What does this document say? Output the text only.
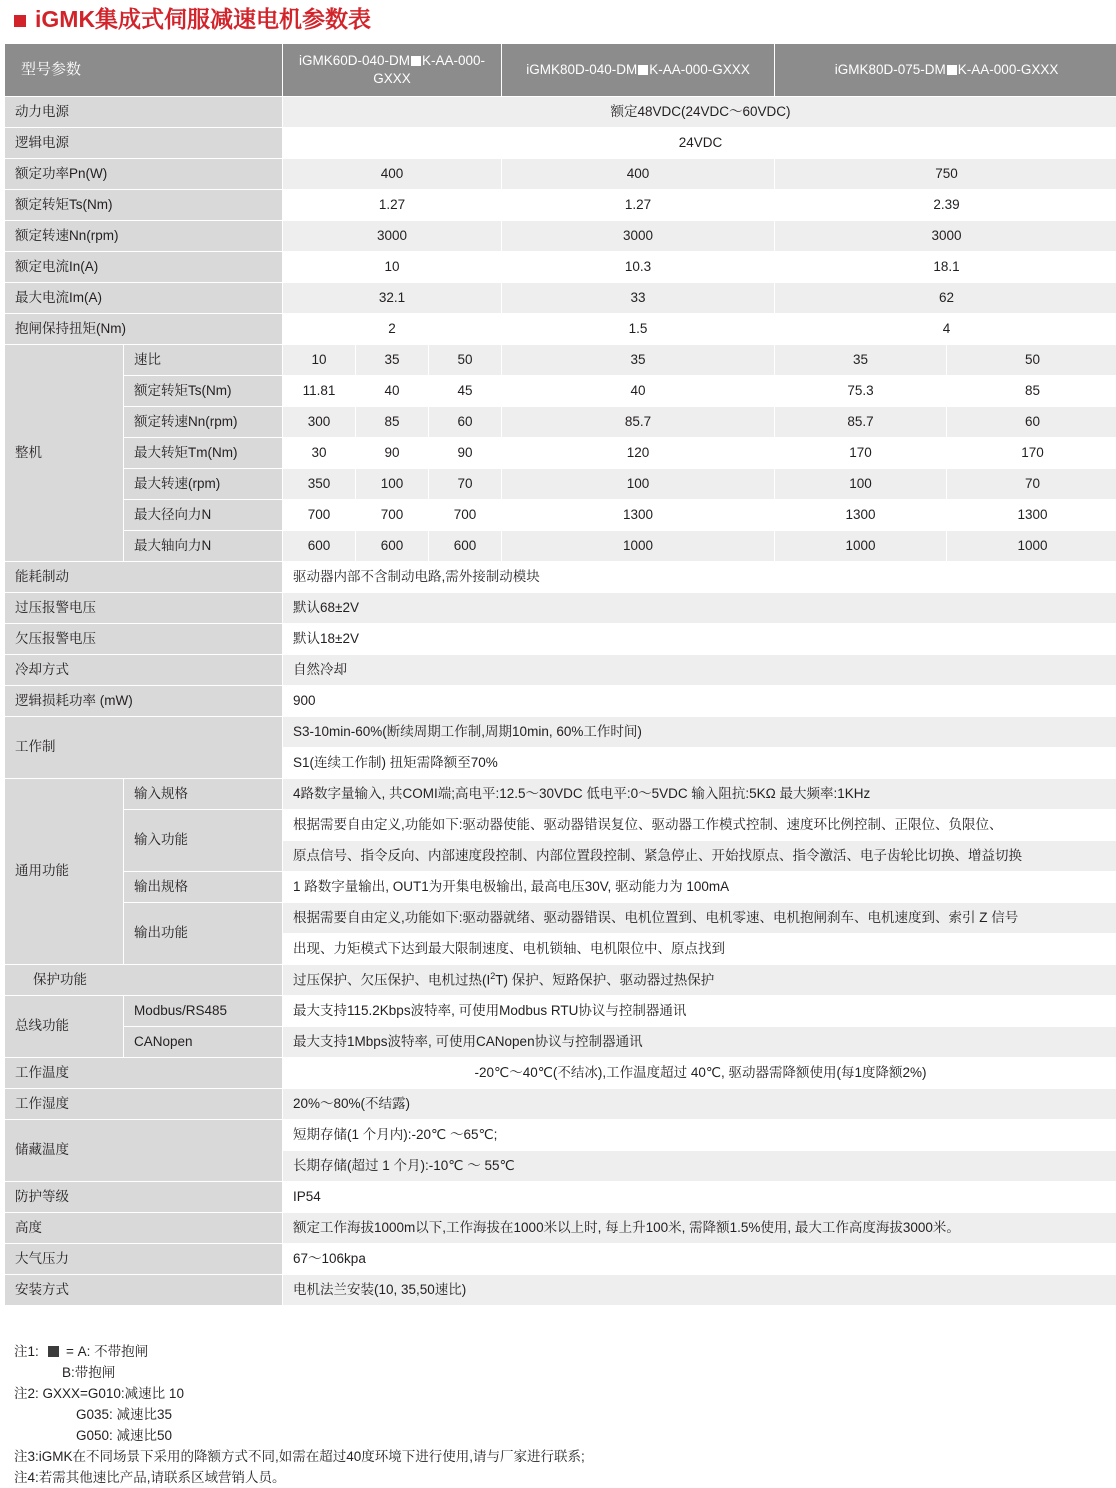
iGMK集成式伺服减速电机参数表
型号参数		iGMK60D-040-DM K-AA-000-GXXX			iGMK80D-040-DM K-AA-000-GXXX	iGMK80D-075-DM K-AA-000-GXXX	
动力电源		额定48VDC(24VDC～60VDC)					
逻辑电源		24VDC					
额定功率Pn(W)		400			400	750	
额定转矩Ts(Nm)		1.27			1.27	2.39	
额定转速Nn(rpm)		3000			3000	3000	
额定电流In(A)		10			10.3	18.1	
最大电流Im(A)		32.1			33	62	
抱闸保持扭矩(Nm)		2			1.5	4	
整机	速比	10	35	50	35	35	50
	额定转矩Ts(Nm)	11.81	40	45	40	75.3	85
	额定转速Nn(rpm)	300	85	60	85.7	85.7	60
	最大转矩Tm(Nm)	30	90	90	120	170	170
	最大转速(rpm)	350	100	70	100	100	70
	最大径向力N	700	700	700	1300	1300	1300
	最大轴向力N	600	600	600	1000	1000	1000
能耗制动		驱动器内部不含制动电路,需外接制动模块					
过压报警电压		默认68±2V					
欠压报警电压		默认18±2V					
冷却方式		自然冷却					
逻辑损耗功率 (mW)		900					
工作制		S3-10min-60%(断续周期工作制,周期10min, 60%工作时间)					
		S1(连续工作制) 扭矩需降额至70%					
通用功能	输入规格	4路数字量输入, 共COMI端;高电平:12.5～30VDC 低电平:0～5VDC 输入阻抗:5KΩ 最大频率:1KHz					
	输入功能	根据需要自由定义,功能如下:驱动器使能、驱动器错误复位、驱动器工作模式控制、速度环比例控制、正限位、负限位、					
		原点信号、指令反向、内部速度段控制、内部位置段控制、紧急停止、开始找原点、指令激活、电子齿轮比切换、增益切换					
	输出规格	1 路数字量输出, OUT1为开集电极输出, 最高电压30V, 驱动能力为 100mA					
	输出功能	根据需要自由定义,功能如下:驱动器就绪、驱动器错误、电机位置到、电机零速、电机抱闸刹车、电机速度到、索引 Z 信号					
		出现、力矩模式下达到最大限制速度、电机锁轴、电机限位中、原点找到					
保护功能		过压保护、欠压保护、电机过热$(I^2T)$ 保护、短路保护、驱动器过热保护					
总线功能	Modbus/RS485	最大支持115.2Kbps波特率, 可使用Modbus RTU协议与控制器通讯					
	CANopen	最大支持1Mbps波特率, 可使用CANopen协议与控制器通讯					
工作温度		-20℃～40℃(不结冰),工作温度超过 40℃, 驱动器需降额使用(每1度降额2%)					
工作湿度		20%～80%(不结露)					
储藏温度		短期存储(1 个月内):-20℃ ～65℃;					
		长期存储(超过 1 个月):-10℃ ～ 55℃					
防护等级		IP54					
高度		额定工作海拔1000m以下,工作海拔在1000米以上时, 每上升100米, 需降额1.5%使用, 最大工作高度海拔3000米。					
大气压力		67～106kpa					
安装方式		电机法兰安装(10, 35,50速比)					
注1:   = A: 不带抱闸
B:带抱闸
注2: GXXX=G010:减速比 10
G035: 减速比35
G050: 减速比50
注3:iGMK在不同场景下采用的降额方式不同,如需在超过40度环境下进行使用,请与厂家进行联系;
注4:若需其他速比产品,请联系区域营销人员。
